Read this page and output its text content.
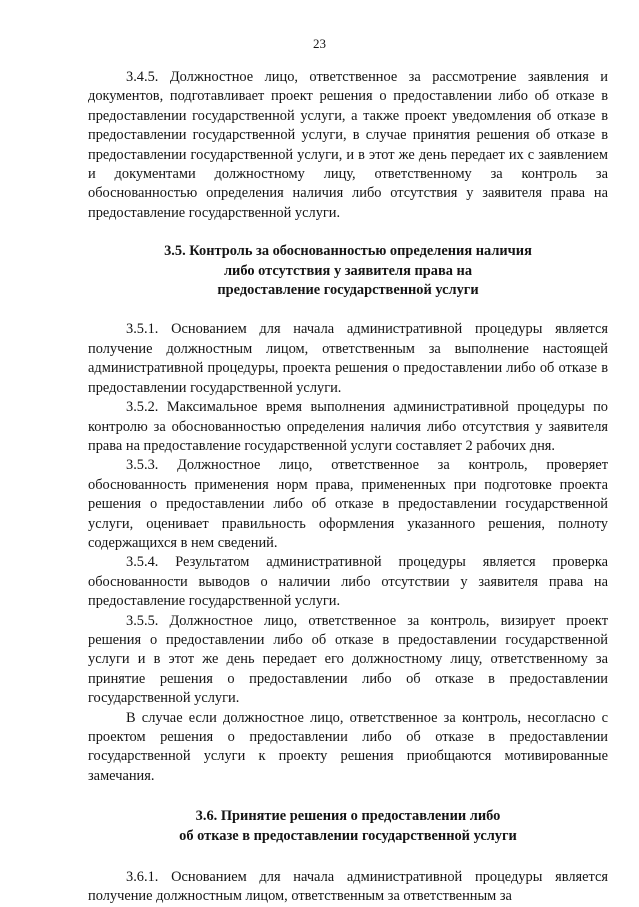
23

3.4.5. Должностное лицо, ответственное за рассмотрение заявления и документов, подготавливает проект решения о предоставлении либо об отказе в предоставлении государственной услуги, а также проект уведомления об отказе в предоставлении государственной услуги, в случае принятия решения об отказе в предоставлении государственной услуги, и в этот же день передает их с заявлением и документами должностному лицу, ответственному за контроль за обоснованностью определения наличия либо отсутствия у заявителя права на предоставление государственной услуги.

3.5. Контроль за обоснованностью определения наличия
либо отсутствия у заявителя права на
предоставление государственной услуги

3.5.1. Основанием для начала административной процедуры является получение должностным лицом, ответственным за выполнение настоящей административной процедуры, проекта решения о предоставлении либо об отказе в предоставлении государственной услуги.

3.5.2. Максимальное время выполнения административной процедуры по контролю за обоснованностью определения наличия либо отсутствия у заявителя права на предоставление государственной услуги составляет 2 рабочих дня.

3.5.3. Должностное лицо, ответственное за контроль, проверяет обоснованность применения норм права, примененных при подготовке проекта решения о предоставлении либо об отказе в предоставлении государственной услуги, оценивает правильность оформления указанного решения, полноту содержащихся в нем сведений.

3.5.4. Результатом административной процедуры является проверка обоснованности выводов о наличии либо отсутствии у заявителя права на предоставление государственной услуги.

3.5.5. Должностное лицо, ответственное за контроль, визирует проект решения о предоставлении либо об отказе в предоставлении государственной услуги и в этот же день передает его должностному лицу, ответственному за принятие решения о предоставлении либо об отказе в предоставлении государственной услуги.

В случае если должностное лицо, ответственное за контроль, несогласно с проектом решения о предоставлении либо об отказе в предоставлении государственной услуги к проекту решения приобщаются мотивированные замечания.

3.6. Принятие решения о предоставлении либо
об отказе в предоставлении государственной услуги

3.6.1. Основанием для начала административной процедуры является получение должностным лицом, ответственным за ответственным за
